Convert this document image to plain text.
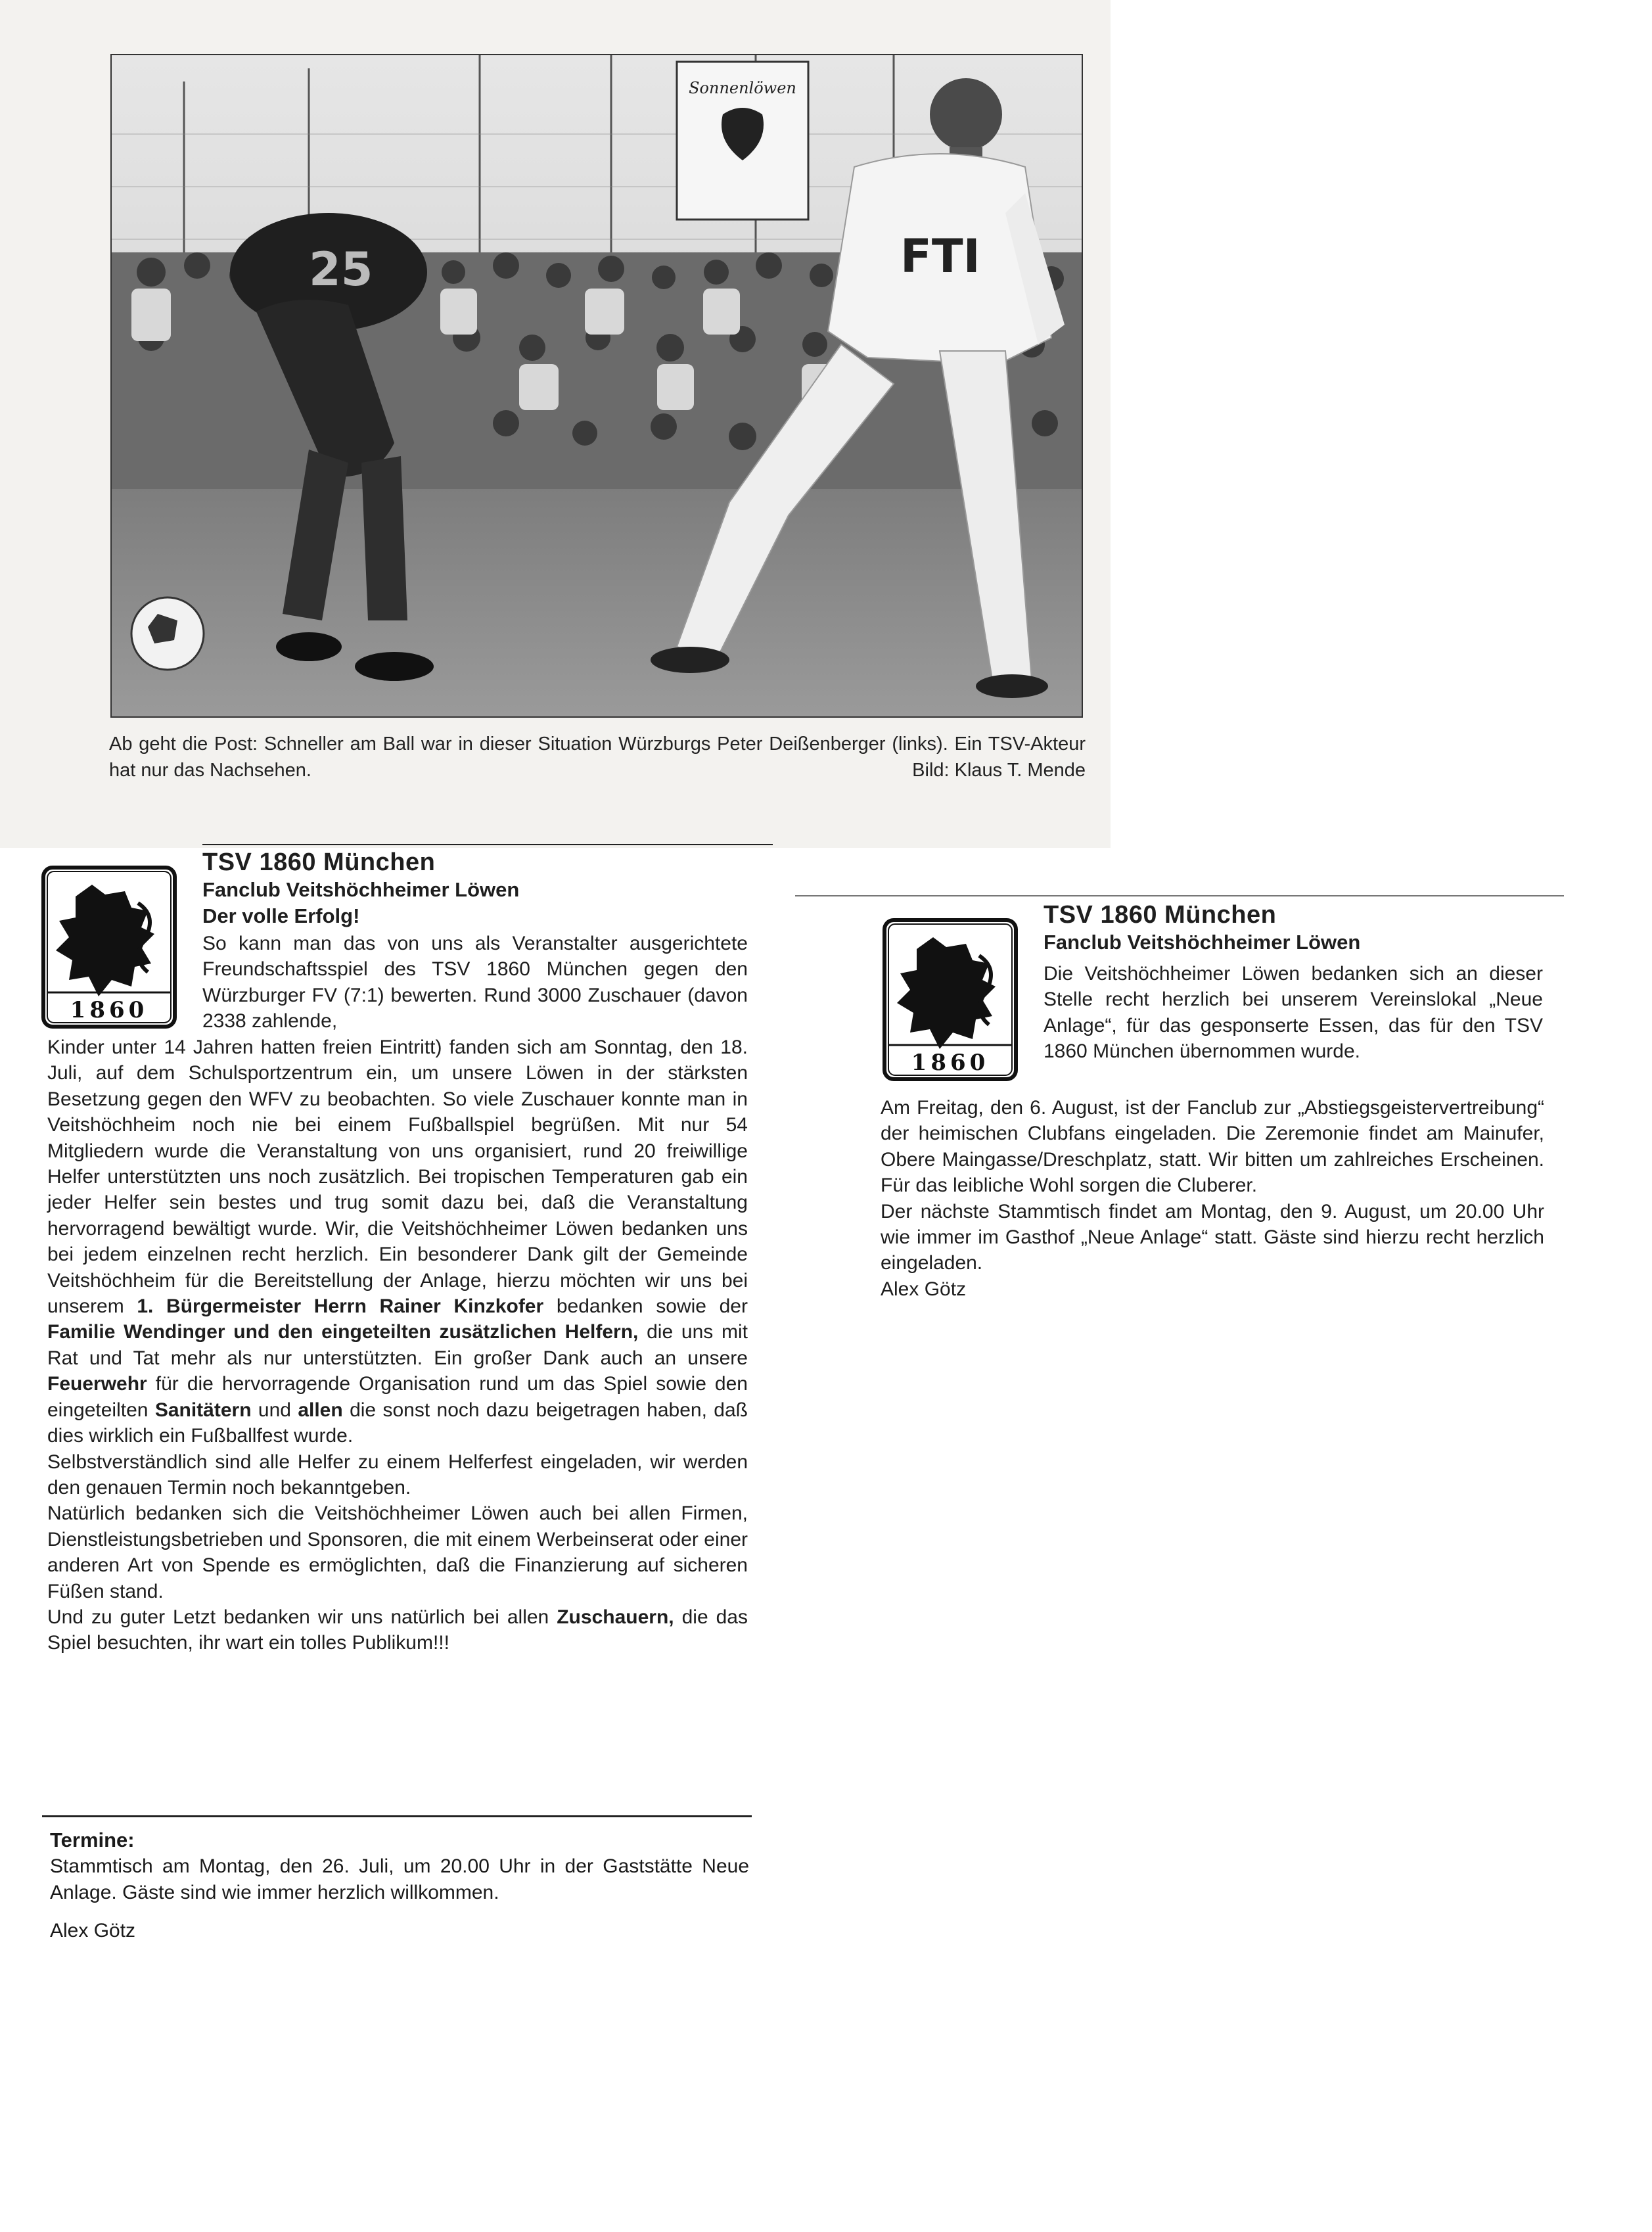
Sonnenlöwen
25	FTI
Ab geht die Post: Schneller am Ball war in dieser Situation Würzburgs Peter Deißenberger (links). Ein TSV-Akteur hat nur das Nachsehen.	Bild: Klaus T. Mende
1860
TSV 1860 München
Fanclub Veitshöchheimer Löwen
Der volle Erfolg!

So kann man das von uns als Veranstalter ausgerichtete Freundschaftsspiel des TSV 1860 München gegen den Würzburger FV (7:1) bewerten. Rund 3000 Zuschauer (davon 2338 zahlende,

Kinder unter 14 Jahren hatten freien Eintritt) fanden sich am Sonntag, den 18. Juli, auf dem Schulsportzentrum ein, um unsere Löwen in der stärksten Besetzung gegen den WFV zu beobachten. So viele Zuschauer konnte man in Veitshöchheim noch nie bei einem Fußballspiel begrüßen. Mit nur 54 Mitgliedern wurde die Veranstaltung von uns organisiert, rund 20 freiwillige Helfer unterstützten uns noch zusätzlich. Bei tropischen Temperaturen gab ein jeder Helfer sein bestes und trug somit dazu bei, daß die Veranstaltung hervorragend bewältigt wurde. Wir, die Veitshöchheimer Löwen bedanken uns bei jedem einzelnen recht herzlich. Ein besonderer Dank gilt der Gemeinde Veitshöchheim für die Bereitstellung der Anlage, hierzu möchten wir uns bei unserem 1. Bürgermeister Herrn Rainer Kinzkofer bedanken sowie der Familie Wendinger und den eingeteilten zusätzlichen Helfern, die uns mit Rat und Tat mehr als nur unterstützten. Ein großer Dank auch an unsere Feuerwehr für die hervorragende Organisation rund um das Spiel sowie den eingeteilten Sanitätern und allen die sonst noch dazu beigetragen haben, daß dies wirklich ein Fußballfest wurde.

Selbstverständlich sind alle Helfer zu einem Helferfest eingeladen, wir werden den genauen Termin noch bekanntgeben.

Natürlich bedanken sich die Veitshöchheimer Löwen auch bei allen Firmen, Dienstleistungsbetrieben und Sponsoren, die mit einem Werbeinserat oder einer anderen Art von Spende es ermöglichten, daß die Finanzierung auf sicheren Füßen stand.

Und zu guter Letzt bedanken wir uns natürlich bei allen Zuschauern, die das Spiel besuchten, ihr wart ein tolles Publikum!!!

Termine:
Stammtisch am Montag, den 26. Juli, um 20.00 Uhr in der Gaststätte Neue Anlage. Gäste sind wie immer herzlich willkommen.
Alex Götz
1860
TSV 1860 München
Fanclub Veitshöchheimer Löwen

Die Veitshöchheimer Löwen bedanken sich an dieser Stelle recht herzlich bei unserem Vereinslokal „Neue Anlage“, für das gesponserte Essen, das für den TSV 1860 München übernommen wurde.

Am Freitag, den 6. August, ist der Fanclub zur „Abstiegsgeistervertreibung“ der heimischen Clubfans eingeladen. Die Zeremonie findet am Mainufer, Obere Maingasse/Dreschplatz, statt. Wir bitten um zahlreiches Erscheinen. Für das leibliche Wohl sorgen die Cluberer.

Der nächste Stammtisch findet am Montag, den 9. August, um 20.00 Uhr wie immer im Gasthof „Neue Anlage“ statt. Gäste sind hierzu recht herzlich eingeladen.

Alex Götz
